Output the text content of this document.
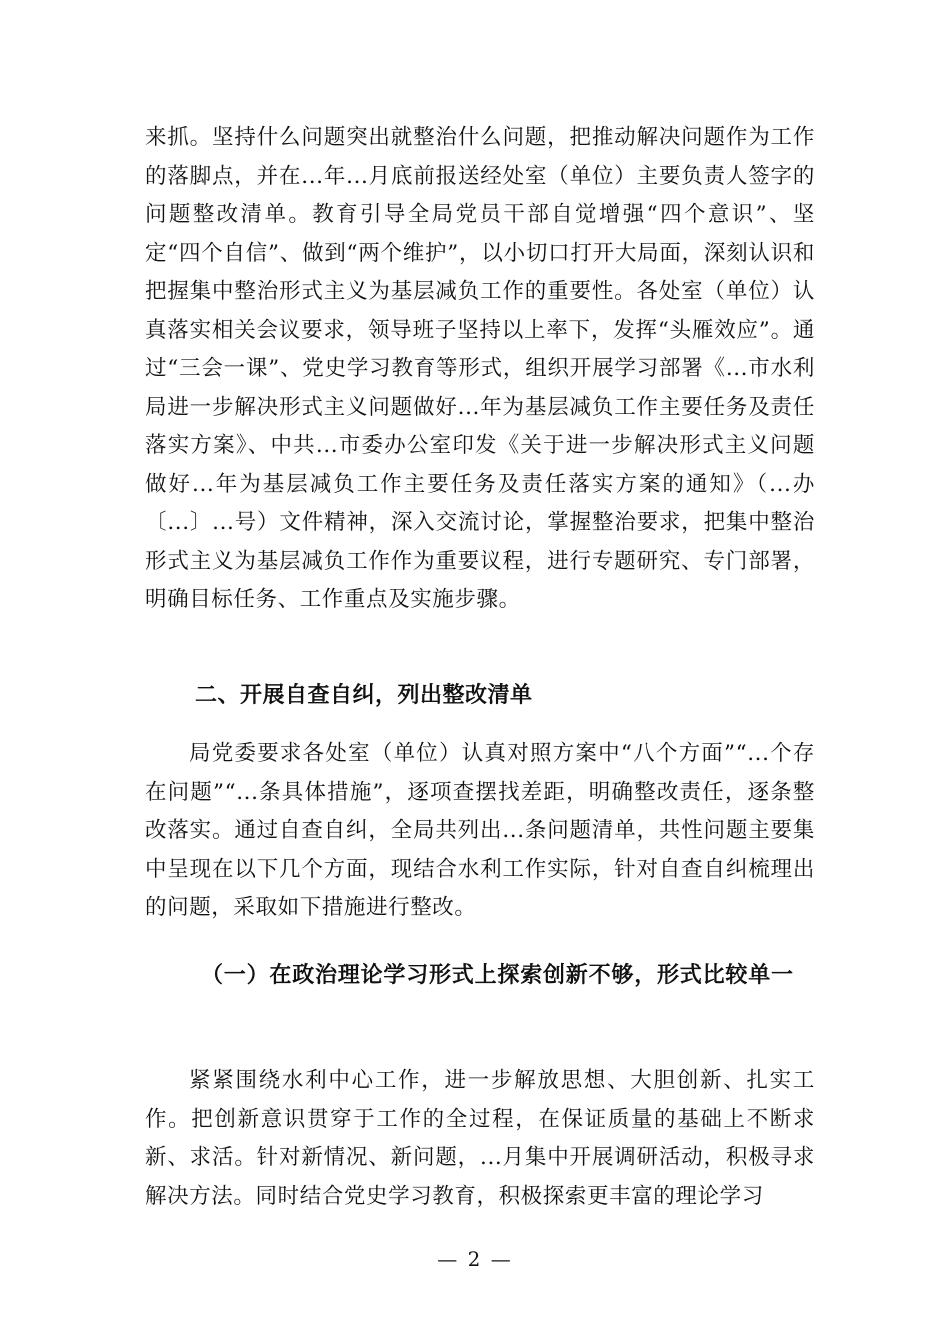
来抓。坚持什么问题突出就整治什么问题，把推动解决问题作为工作的落脚点，并在...年...月底前报送经处室（单位）主要负责人签字的问题整改清单。教育引导全局党员干部自觉增强“四个意识”、坚定“四个自信”、做到“两个维护”，以小切口打开大局面，深刻认识和把握集中整治形式主义为基层减负工作的重要性。各处室（单位）认真落实相关会议要求，领导班子坚持以上率下，发挥“头雁效应”。通过“三会一课”、党史学习教育等形式，组织开展学习部署《...市水利局进一步解决形式主义问题做好...年为基层减负工作主要任务及责任落实方案》、中共...市委办公室印发《关于进一步解决形式主义问题做好...年为基层减负工作主要任务及责任落实方案的通知》（...办〔...〕...号）文件精神，深入交流讨论，掌握整治要求，把集中整治形式主义为基层减负工作作为重要议程，进行专题研究、专门部署，明确目标任务、工作重点及实施步骤。

二、开展自查自纠，列出整改清单

局党委要求各处室（单位）认真对照方案中“八个方面”“...个存在问题”“...条具体措施”，逐项查摆找差距，明确整改责任，逐条整改落实。通过自查自纠，全局共列出...条问题清单，共性问题主要集中呈现在以下几个方面，现结合水利工作实际，针对自查自纠梳理出的问题，采取如下措施进行整改。

（一）在政治理论学习形式上探索创新不够，形式比较单一

紧紧围绕水利中心工作，进一步解放思想、大胆创新、扎实工作。把创新意识贯穿于工作的全过程，在保证质量的基础上不断求新、求活。针对新情况、新问题，...月集中开展调研活动，积极寻求解决方法。同时结合党史学习教育，积极探索更丰富的理论学习

— 2 —
